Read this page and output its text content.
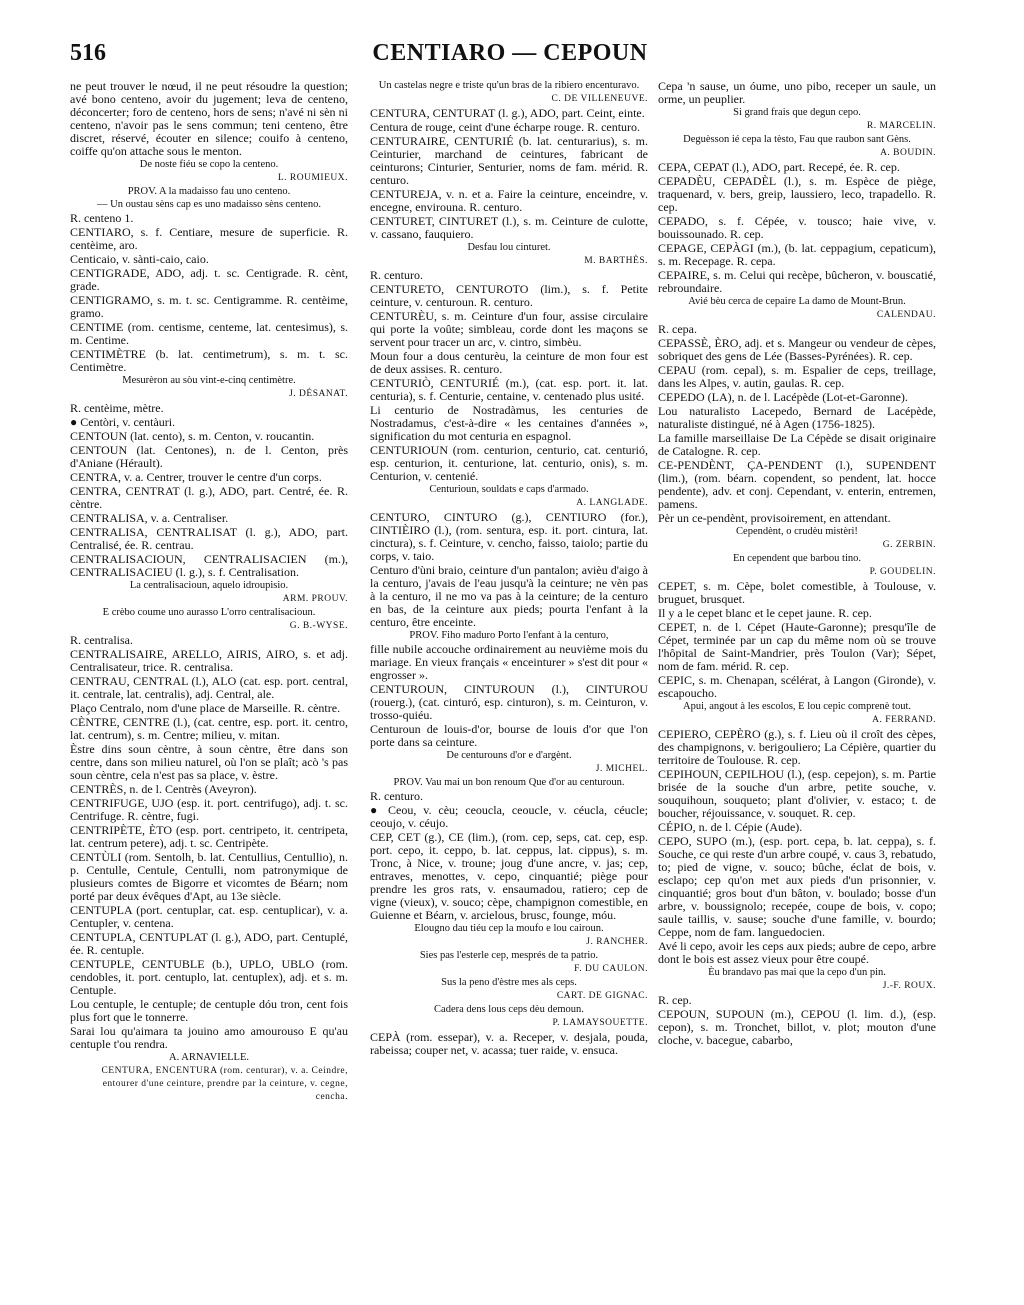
516	CENTIARO — CEPOUN

ne peut trouver le nœud, il ne peut résoudre la question; avé bono centeno, avoir du jugement; leva de centeno, déconcerter; foro de centeno, hors de sens; n'avé ni sèn ni centeno, n'avoir pas le sens commun; teni centeno, être discret, réservé, écouter en silence; couifo à centeno, coiffe qu'on attache sous le menton.

De noste fiéu se copo la centeno.

L. ROUMIEUX.

PROV. A la madaisso fau uno centeno.

— Un oustau sèns cap es uno madaisso sèns centeno.

R. centeno 1.

CENTIARO, s. f. Centiare, mesure de superficie. R. centèime, aro.

Centicaio, v. sànti-caio, caio.

CENTIGRADE, ADO, adj. t. sc. Centigrade. R. cènt, grade.

CENTIGRAMO, s. m. t. sc. Centigramme. R. centèime, gramo.

CENTIME (rom. centisme, centeme, lat. centesimus), s. m. Centime.

CENTIMÈTRE (b. lat. centimetrum), s. m. t. sc. Centimètre.

Mesurèron au sòu vint-e-cinq centimètre.

J. DÉSANAT.

R. centèime, mètre.

● Centòri, v. centàuri.

CENTOUN (lat. cento), s. m. Centon, v. roucantin.

CENTOUN (lat. Centones), n. de l. Centon, près d'Aniane (Hérault).

CENTRA, v. a. Centrer, trouver le centre d'un corps.

CENTRA, CENTRAT (l. g.), ADO, part. Centré, ée. R. cèntre.

CENTRALISA, v. a. Centraliser.

CENTRALISA, CENTRALISAT (l. g.), ADO, part. Centralisé, ée. R. centrau.

CENTRALISACIOUN, CENTRALISACIEN (m.), CENTRALISACIEU (l. g.), s. f. Centralisation.

La centralisacioun, aquelo idroupisio.

ARM. PROUV.

E crèbo coume uno aurasso L'orro centralisacioun.

G. B.-WYSE.

R. centralisa.

CENTRALISAIRE, ARELLO, AIRIS, AIRO, s. et adj. Centralisateur, trice. R. centralisa.

CENTRAU, CENTRAL (l.), ALO (cat. esp. port. central, it. centrale, lat. centralis), adj. Central, ale.

Plaço Centralo, nom d'une place de Marseille. R. cèntre.

CÈNTRE, CENTRE (l.), (cat. centre, esp. port. it. centro, lat. centrum), s. m. Centre; milieu, v. mitan.

Èstre dins soun cèntre, à soun cèntre, être dans son centre, dans son milieu naturel, où l'on se plaît; acò 's pas soun cèntre, cela n'est pas sa place, v. èstre.

CENTRÈS, n. de l. Centrès (Aveyron).

CENTRIFUGE, UJO (esp. it. port. centrifugo), adj. t. sc. Centrifuge. R. cèntre, fugi.

CENTRIPÈTE, ÈTO (esp. port. centripeto, it. centripeta, lat. centrum petere), adj. t. sc. Centripète.

CENTÙLI (rom. Sentolh, b. lat. Centullius, Centullio), n. p. Centulle, Centule, Centulli, nom patronymique de plusieurs comtes de Bigorre et vicomtes de Béarn; nom porté par deux évêques d'Apt, au 13e siècle.

CENTUPLA (port. centuplar, cat. esp. centuplicar), v. a. Centupler, v. centena.

CENTUPLA, CENTUPLAT (l. g.), ADO, part. Centuplé, ée. R. centuple.

CENTUPLE, CENTUBLE (b.), UPLO, UBLO (rom. cendobles, it. port. centuplo, lat. centuplex), adj. et s. m. Centuple.

Lou centuple, le centuple; de centuple dóu tron, cent fois plus fort que le tonnerre.

Sarai lou qu'aimara ta jouino amo amourouso E qu'au centuple t'ou rendra.

A. ARNAVIELLE.

CENTURA, ENCENTURA (rom. centurar), v. a. Ceindre, entourer d'une ceinture, prendre par la ceinture, v. cegne, cencha.

Un castelas negre e triste qu'un bras de la ribiero encenturavo.

C. DE VILLENEUVE.

CENTURA, CENTURAT (l. g.), ADO, part. Ceint, einte.

Centura de rouge, ceint d'une écharpe rouge. R. centuro.

CENTURAIRE, CENTURIÉ (b. lat. centurarius), s. m. Ceinturier, marchand de ceintures, fabricant de ceinturons; Cinturier, Senturier, noms de fam. mérid. R. centuro.

CENTUREJA, v. n. et a. Faire la ceinture, enceindre, v. encegne, envirouna. R. centuro.

CENTURET, CINTURET (l.), s. m. Ceinture de culotte, v. cassano, fauquiero.

Desfau lou cinturet.

M. BARTHÈS.

R. centuro.

CENTURETO, CENTUROTO (lim.), s. f. Petite ceinture, v. centuroun. R. centuro.

CENTURÈU, s. m. Ceinture d'un four, assise circulaire qui porte la voûte; simbleau, corde dont les maçons se servent pour tracer un arc, v. cintro, simbèu.

Moun four a dous centurèu, la ceinture de mon four est de deux assises. R. centuro.

CENTURIÒ, CENTURIÉ (m.), (cat. esp. port. it. lat. centuria), s. f. Centurie, centaine, v. centenado plus usité.

Li centurio de Nostradàmus, les centuries de Nostradamus, c'est-à-dire « les centaines d'années », signification du mot centuria en espagnol.

CENTURIOUN (rom. centurion, centurio, cat. centurió, esp. centurion, it. centurione, lat. centurio, onis), s. m. Centurion, v. centenié.

Centurioun, souldats e caps d'armado.

A. LANGLADE.

CENTURO, CINTURO (g.), CENTIURO (for.), CINTIÈIRO (l.), (rom. sentura, esp. it. port. cintura, lat. cinctura), s. f. Ceinture, v. cencho, faisso, taiolo; partie du corps, v. taio.

Centuro d'ùni braio, ceinture d'un pantalon; avièu d'aigo à la centuro, j'avais de l'eau jusqu'à la ceinture; ne vèn pas à la centuro, il ne mo va pas à la ceinture; de la centuro en bas, de la ceinture aux pieds; pourta l'enfant à la centuro, être enceinte.

PROV. Fiho maduro Porto l'enfant à la centuro,

fille nubile accouche ordinairement au neuvième mois du mariage. En vieux français « enceinturer » s'est dit pour « engrosser ».

CENTUROUN, CINTUROUN (l.), CINTUROU (rouerg.), (cat. cinturó, esp. cinturon), s. m. Ceinturon, v. trosso-quiéu.

Centuroun de louis-d'or, bourse de louis d'or que l'on porte dans sa ceinture.

De centurouns d'or e d'argènt.

J. MICHEL.

PROV. Vau mai un bon renoum Que d'or au centuroun.

R. centuro.

● Ceou, v. cèu; ceoucla, ceoucle, v. céucla, céucle; ceoujo, v. céujo.

CEP, CET (g.), CE (lim.), (rom. cep, seps, cat. cep, esp. port. cepo, it. ceppo, b. lat. ceppus, lat. cippus), s. m. Tronc, à Nice, v. troune; joug d'une ancre, v. jas; cep, entraves, menottes, v. cepo, cinquantié; piège pour prendre les gros rats, v. ensaumadou, ratiero; cep de vigne (vieux), v. souco; cèpe, champignon comestible, en Guienne et Béarn, v. arcielous, brusc, founge, móu.

Elougno dau tiéu cep la moufo e lou cairoun.

J. RANCHER.

Sies pas l'esterle cep, mesprés de ta patrio.

F. DU CAULON.

Sus la peno d'èstre mes als ceps.

CART. DE GIGNAC.

Cadera dens lous ceps dèu demoun.

P. LAMAYSOUETTE.

CEPÀ (rom. essepar), v. a. Receper, v. desjala, pouda, rabeissa; couper net, v. acassa; tuer raide, v. ensuca.

Cepa 'n sause, un óume, uno pibo, receper un saule, un orme, un peuplier.

Si grand frais que degun cepo.

R. MARCELIN.

Deguèsson ié cepa la tèsto, Fau que raubon sant Gèns.

A. BOUDIN.

CEPA, CEPAT (l.), ADO, part. Recepé, ée. R. cep.

CEPADÈU, CEPADÈL (l.), s. m. Espèce de piège, traquenard, v. bers, greip, laussiero, leco, trapadello. R. cep.

CEPADO, s. f. Cépée, v. tousco; haie vive, v. bouissounado. R. cep.

CEPAGE, CEPÀGI (m.), (b. lat. ceppagium, cepaticum), s. m. Recepage. R. cepa.

CEPAIRE, s. m. Celui qui recèpe, bûcheron, v. bouscatié, rebroundaire.

Avié bèu cerca de cepaire La damo de Mount-Brun.

CALENDAU.

R. cepa.

CEPASSÈ, ÈRO, adj. et s. Mangeur ou vendeur de cèpes, sobriquet des gens de Lée (Basses-Pyrénées). R. cep.

CEPAU (rom. cepal), s. m. Espalier de ceps, treillage, dans les Alpes, v. autin, gaulas. R. cep.

CEPEDO (LA), n. de l. Lacépède (Lot-et-Garonne).

Lou naturalisto Lacepedo, Bernard de Lacépède, naturaliste distingué, né à Agen (1756-1825).

La famille marseillaise De La Cépède se disait originaire de Catalogne. R. cep.

CE-PENDÈNT, ÇA-PENDENT (l.), SUPENDENT (lim.), (rom. béarn. copendent, so pendent, lat. hocce pendente), adv. et conj. Cependant, v. enterin, entremen, pamens.

Pèr un ce-pendènt, provisoirement, en attendant.

Cependènt, o crudèu mistèri!

G. ZERBIN.

En cependent que barbou tino.

P. GOUDELIN.

CEPET, s. m. Cèpe, bolet comestible, à Toulouse, v. bruguet, brusquet.

Il y a le cepet blanc et le cepet jaune. R. cep.

CEPET, n. de l. Cépet (Haute-Garonne); presqu'île de Cépet, terminée par un cap du même nom où se trouve l'hôpital de Saint-Mandrier, près Toulon (Var); Sépet, nom de fam. mérid. R. cep.

CEPIC, s. m. Chenapan, scélérat, à Langon (Gironde), v. escapoucho.

Apui, angout à les escolos, E lou cepic comprenè tout.

A. FERRAND.

CEPIERO, CEPÈRO (g.), s. f. Lieu où il croît des cèpes, des champignons, v. berigouliero; La Cépière, quartier du territoire de Toulouse. R. cep.

CEPIHOUN, CEPILHOU (l.), (esp. cepejon), s. m. Partie brisée de la souche d'un arbre, petite souche, v. souquihoun, souqueto; plant d'olivier, v. estaco; t. de boucher, réjouissance, v. souquet. R. cep.

CÉPIO, n. de l. Cépie (Aude).

CEPO, SUPO (m.), (esp. port. cepa, b. lat. ceppa), s. f. Souche, ce qui reste d'un arbre coupé, v. caus 3, rebatudo, to; pied de vigne, v. souco; bûche, éclat de bois, v. esclapo; cep qu'on met aux pieds d'un prisonnier, v. cinquantié; gros bout d'un bâton, v. boulado; bosse d'un arbre, v. boussignolo; recepée, coupe de bois, v. copo; saule taillis, v. sause; souche d'une famille, v. bourdo; Ceppe, nom de fam. languedocien.

Avé li cepo, avoir les ceps aux pieds; aubre de cepo, arbre dont le bois est assez vieux pour être coupé.

Èu brandavo pas mai que la cepo d'un pin.

J.-F. ROUX.

R. cep.

CEPOUN, SUPOUN (m.), CEPOU (l. lim. d.), (esp. cepon), s. m. Tronchet, billot, v. plot; mouton d'une cloche, v. bacegue, cabarbo,
